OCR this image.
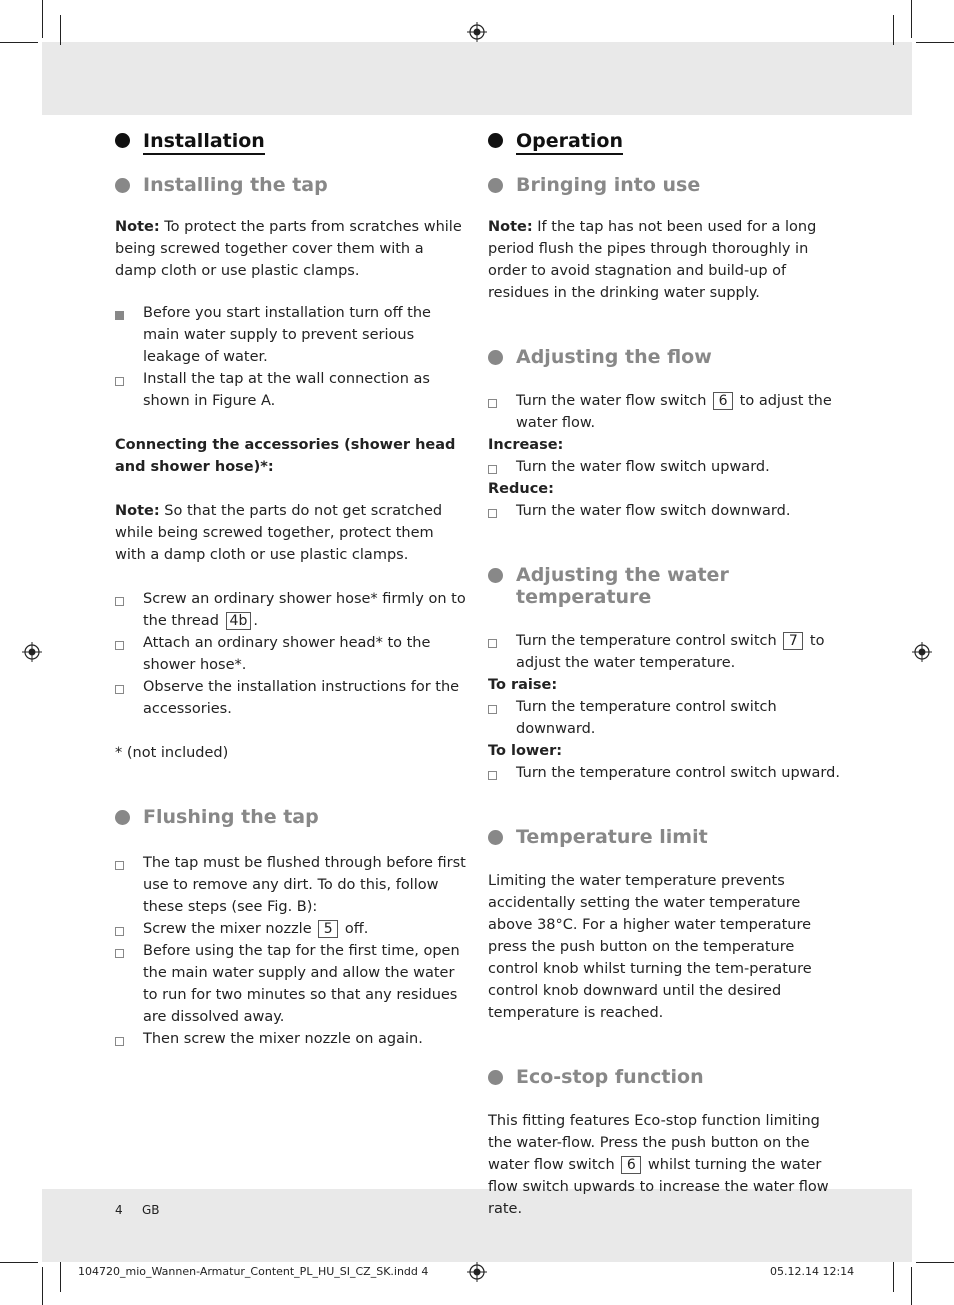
Installation
Installing the tap

Note: To protect the parts from scratches while being screwed together cover them with a damp cloth or use plastic clamps.

Before you start installation turn off the main water supply to prevent serious leakage of water.
Install the tap at the wall connection as shown in Figure A.

Connecting the accessories (shower head and shower hose)*:

Note: So that the parts do not get scratched while being screwed together, protect them with a damp cloth or use plastic clamps.

Screw an ordinary shower hose* firmly on to the thread 4b .
Attach an ordinary shower head* to the shower hose*.
Observe the installation instructions for the accessories.

* (not included)

Flushing the tap
The tap must be flushed through before first use to remove any dirt. To do this, follow these steps (see Fig. B):
Screw the mixer nozzle 5 off.
Before using the tap for the first time, open the main water supply and allow the water to run for two minutes so that any residues are dissolved away.
Then screw the mixer nozzle on again.
Operation
Bringing into use

Note: If the tap has not been used for a long period flush the pipes through thoroughly in order to avoid stagnation and build-up of residues in the drinking water supply.

Adjusting the flow
Turn the water flow switch 6 to adjust the water flow.

Increase:

Turn the water flow switch upward.

Reduce:

Turn the water flow switch downward.
Adjusting the water temperature
Turn the temperature control switch 7 to adjust the water temperature.

To raise:

Turn the temperature control switch downward.

To lower:

Turn the temperature control switch upward.
Temperature limit

Limiting the water temperature prevents accidentally setting the water temperature above 38°C. For a higher water temperature press the push button on the temperature control knob whilst turning the tem-perature control knob downward until the desired temperature is reached.

Eco-stop function

This fitting features Eco-stop function limiting the water-flow. Press the push button on the water flow switch 6 whilst turning the water flow switch upwards to increase the water flow rate.

4 GB
104720_mio_Wannen-Armatur_Content_PL_HU_SI_CZ_SK.indd 4	05.12.14 12:14
